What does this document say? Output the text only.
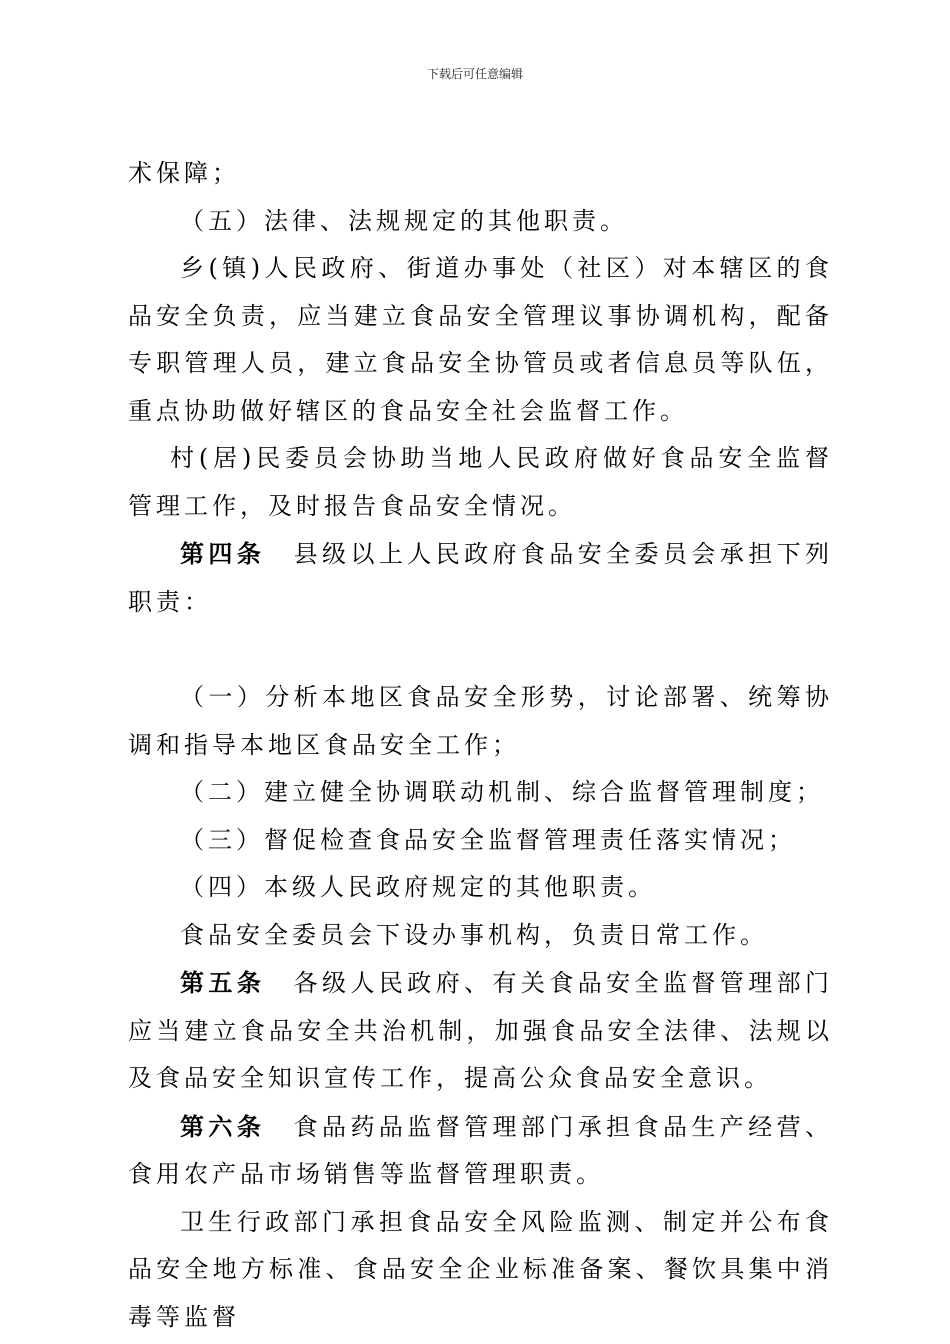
下载后可任意编辑

术保障；

（五）法律、法规规定的其他职责。

乡(镇)人民政府、街道办事处（社区）对本辖区的食品安全负责，应当建立食品安全管理议事协调机构，配备专职管理人员，建立食品安全协管员或者信息员等队伍，重点协助做好辖区的食品安全社会监督工作。

村(居)民委员会协助当地人民政府做好食品安全监督管理工作，及时报告食品安全情况。

第四条　县级以上人民政府食品安全委员会承担下列职责：

（一）分析本地区食品安全形势，讨论部署、统筹协调和指导本地区食品安全工作；

（二）建立健全协调联动机制、综合监督管理制度；

（三）督促检查食品安全监督管理责任落实情况；

（四）本级人民政府规定的其他职责。

食品安全委员会下设办事机构，负责日常工作。

第五条　各级人民政府、有关食品安全监督管理部门应当建立食品安全共治机制，加强食品安全法律、法规以及食品安全知识宣传工作，提高公众食品安全意识。

第六条　食品药品监督管理部门承担食品生产经营、食用农产品市场销售等监督管理职责。

卫生行政部门承担食品安全风险监测、制定并公布食品安全地方标准、食品安全企业标准备案、餐饮具集中消毒等监督
